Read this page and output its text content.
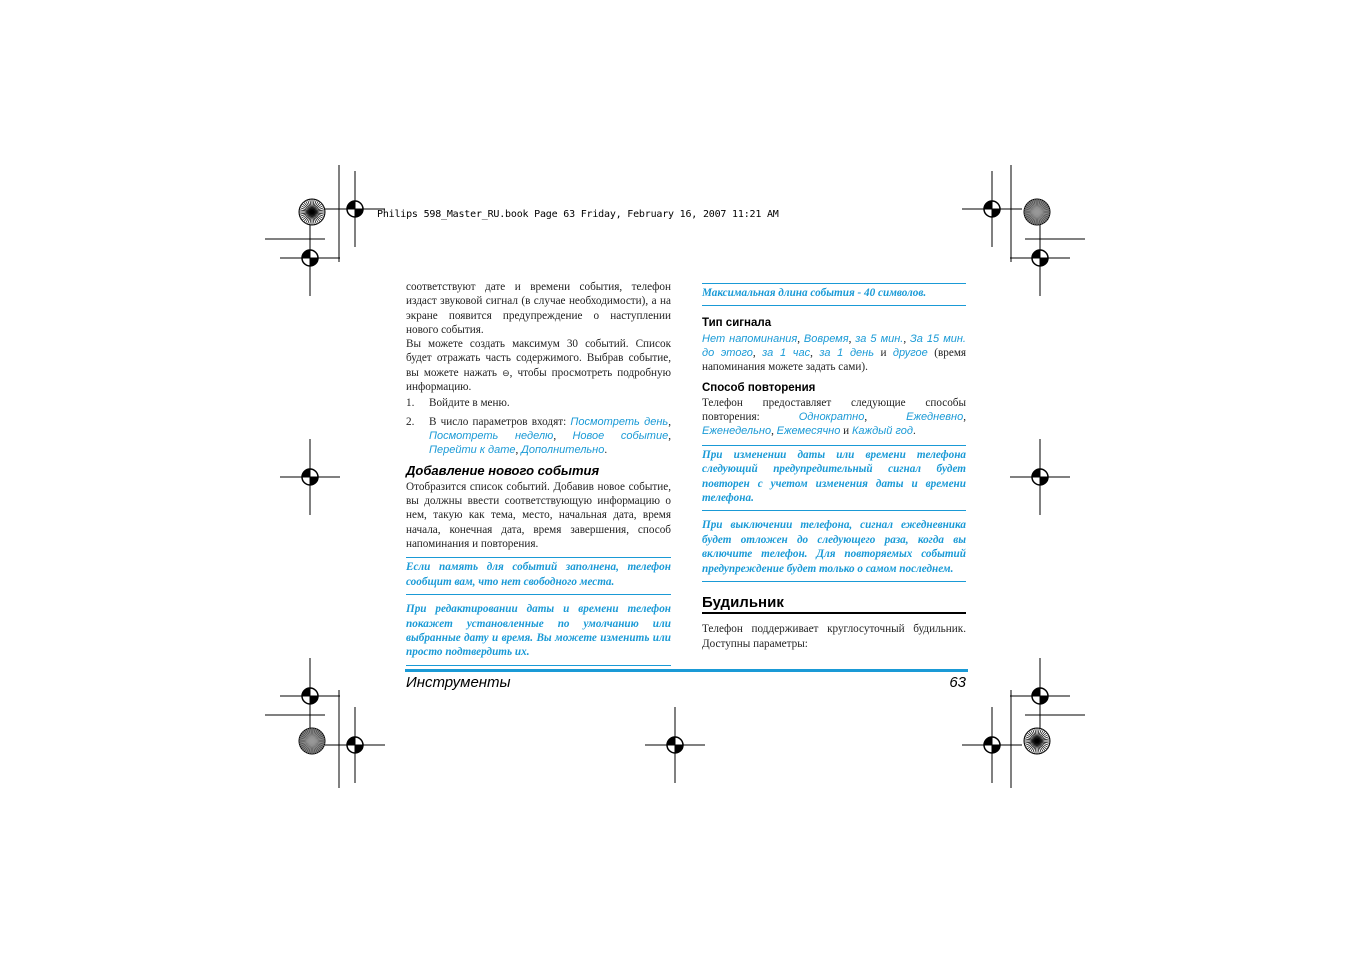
Philips 598_Master_RU.book Page 63 Friday, February 16, 2007 11:21 AM

соответствуют дате и времени события, телефон издаст звуковой сигнал (в случае необходимости), а на экране появится предупреждение о наступлении нового события.

Вы можете создать максимум 30 событий. Список будет отражать часть содержимого. Выбрав событие, вы можете нажать ⊖, чтобы просмотреть подробную информацию.

1.	Войдите в меню.
2.	В число параметров входят: Посмотреть день, Посмотреть неделю, Новое событие, Перейти к дате, Дополнительно.
Добавление нового события

Отобразится список событий. Добавив новое событие, вы должны ввести соответствующую информацию о нем, такую как тема, место, начальная дата, время начала, конечная дата, время завершения, способ напоминания и повторения.

Если память для событий заполнена, телефон сообщит вам, что нет свободного места.
При редактировании даты и времени телефон покажет установленные по умолчанию или выбранные дату и время. Вы можете изменить или просто подтвердить их.
Максимальная длина события - 40 символов.
Тип сигнала

Нет напоминания, Вовремя, за 5 мин., За 15 мин. до этого, за 1 час, за 1 день и другое (время напоминания можете задать сами).

Способ повторения

Телефон предоставляет следующие способы повторения:	Однократно, Ежедневно, Еженедельно, Ежемесячно и Каждый год.

При изменении даты или времени телефона следующий предупредительный сигнал будет повторен с учетом изменения даты и времени телефона.
При выключении телефона, сигнал ежедневника будет отложен до следующего раза, когда вы включите телефон. Для повторяемых событий предупреждение будет только о самом последнем.
Будильник

Телефон поддерживает круглосуточный будильник. Доступны параметры:

Инструменты	63
